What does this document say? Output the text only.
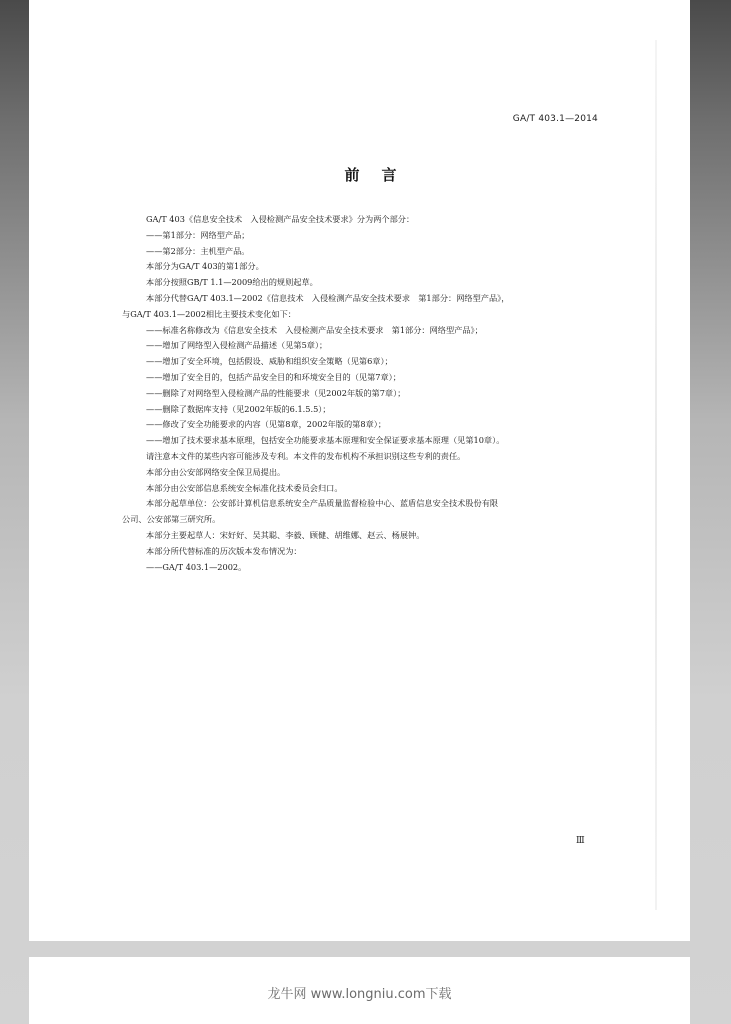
GA/T 403.1—2014
前言
GA/T 403《信息安全技术　入侵检测产品安全技术要求》分为两个部分：
——第1部分：网络型产品；
——第2部分：主机型产品。
本部分为GA/T 403的第1部分。
本部分按照GB/T 1.1—2009给出的规则起草。
本部分代替GA/T 403.1—2002《信息技术　入侵检测产品安全技术要求　第1部分：网络型产品》，
与GA/T 403.1—2002相比主要技术变化如下：
——标准名称修改为《信息安全技术　入侵检测产品安全技术要求　第1部分：网络型产品》；
——增加了网络型入侵检测产品描述（见第5章）；
——增加了安全环境，包括假设、威胁和组织安全策略（见第6章）；
——增加了安全目的，包括产品安全目的和环境安全目的（见第7章）；
——删除了对网络型入侵检测产品的性能要求（见2002年版的第7章）；
——删除了数据库支持（见2002年版的6.1.5.5）；
——修改了安全功能要求的内容（见第8章，2002年版的第8章）；
——增加了技术要求基本原理，包括安全功能要求基本原理和安全保证要求基本原理（见第10章）。
请注意本文件的某些内容可能涉及专利。本文件的发布机构不承担识别这些专利的责任。
本部分由公安部网络安全保卫局提出。
本部分由公安部信息系统安全标准化技术委员会归口。
本部分起草单位：公安部计算机信息系统安全产品质量监督检验中心、蓝盾信息安全技术股份有限
公司、公安部第三研究所。
本部分主要起草人：宋好好、吴其聪、李毅、顾健、胡维娜、赵云、杨展钟。
本部分所代替标准的历次版本发布情况为：
——GA/T 403.1—2002。
Ⅲ
龙牛网 www.longniu.com下载
